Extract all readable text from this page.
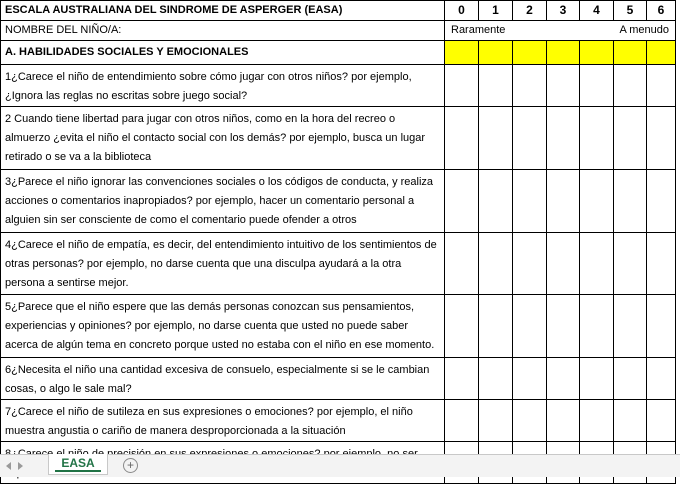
ESCALA AUSTRALIANA DEL SINDROME DE ASPERGER (EASA)	0	1	2	3	4	5	6
NOMBRE DEL NIÑO/A:	Raramente				A menudo		
A. HABILIDADES SOCIALES Y EMOCIONALES							
1¿Carece el niño de entendimiento sobre cómo jugar con otros niños? por ejemplo, ¿Ignora las reglas no escritas sobre juego social?							
2 Cuando tiene libertad para jugar con otros niños, como en la hora del recreo o almuerzo ¿evita el niño el contacto social con los demás? por ejemplo, busca un lugar retirado o se va a la biblioteca							
3¿Parece el niño ignorar las convenciones sociales o los códigos de conducta, y realiza acciones o comentarios inapropiados? por ejemplo, hacer un comentario personal a alguien sin ser consciente de como el comentario puede ofender a otros							
4¿Carece el niño de empatía, es decir, del entendimiento intuitivo de los sentimientos de otras personas? por ejemplo, no darse cuenta que una disculpa ayudará a la otra persona a sentirse mejor.							
5¿Parece que el niño espere que las demás personas conozcan sus pensamientos, experiencias y opiniones? por ejemplo, no darse cuenta que usted no puede saber acerca de algún tema en concreto porque usted no estaba con el niño en ese momento.							
6¿Necesita el niño una cantidad excesiva de consuelo, especialmente si se le cambian cosas, o algo le sale mal?							
7¿Carece el niño de sutileza en sus expresiones o emociones? por ejemplo, el niño muestra angustia o cariño de manera desproporcionada a la situación							

EASA	+
